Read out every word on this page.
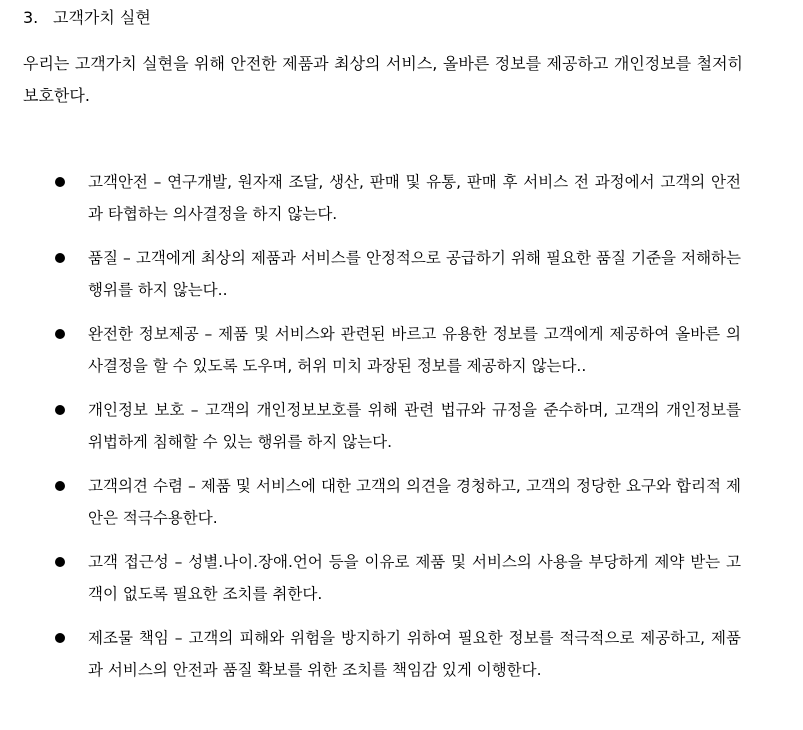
3. 고객가치 실현
우리는 고객가치 실현을 위해 안전한 제품과 최상의 서비스, 올바른 정보를 제공하고 개인정보를 철저히 보호한다.
고객안전 – 연구개발, 원자재 조달, 생산, 판매 및 유통, 판매 후 서비스 전 과정에서 고객의 안전과 타협하는 의사결정을 하지 않는다.
품질 – 고객에게 최상의 제품과 서비스를 안정적으로 공급하기 위해 필요한 품질 기준을 저해하는 행위를 하지 않는다..
완전한 정보제공 – 제품 및 서비스와 관련된 바르고 유용한 정보를 고객에게 제공하여 올바른 의사결정을 할 수 있도록 도우며, 허위 미치 과장된 정보를 제공하지 않는다..
개인정보 보호 – 고객의 개인정보보호를 위해 관련 법규와 규정을 준수하며, 고객의 개인정보를 위법하게 침해할 수 있는 행위를 하지 않는다.
고객의견 수렴 – 제품 및 서비스에 대한 고객의 의견을 경청하고, 고객의 정당한 요구와 합리적 제안은 적극수용한다.
고객 접근성 – 성별.나이.장애.언어 등을 이유로 제품 및 서비스의 사용을 부당하게 제약 받는 고객이 없도록 필요한 조치를 취한다.
제조물 책임 – 고객의 피해와 위험을 방지하기 위하여 필요한 정보를 적극적으로 제공하고, 제품과 서비스의 안전과 품질 확보를 위한 조치를 책임감 있게 이행한다.
